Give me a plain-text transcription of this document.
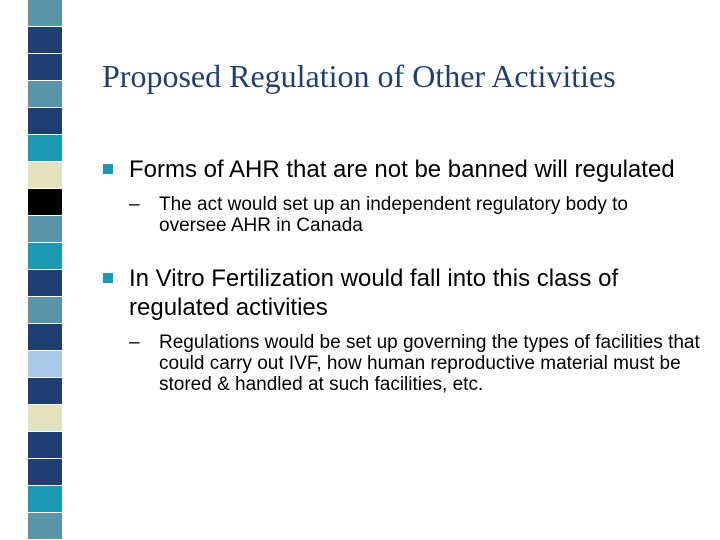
Proposed Regulation of Other Activities
Forms of AHR that are not be banned will regulated
– The act would set up an independent regulatory body to oversee AHR in Canada
In Vitro Fertilization would fall into this class of regulated activities
– Regulations would be set up governing the types of facilities that could carry out IVF, how human reproductive material must be stored & handled at such facilities, etc.
